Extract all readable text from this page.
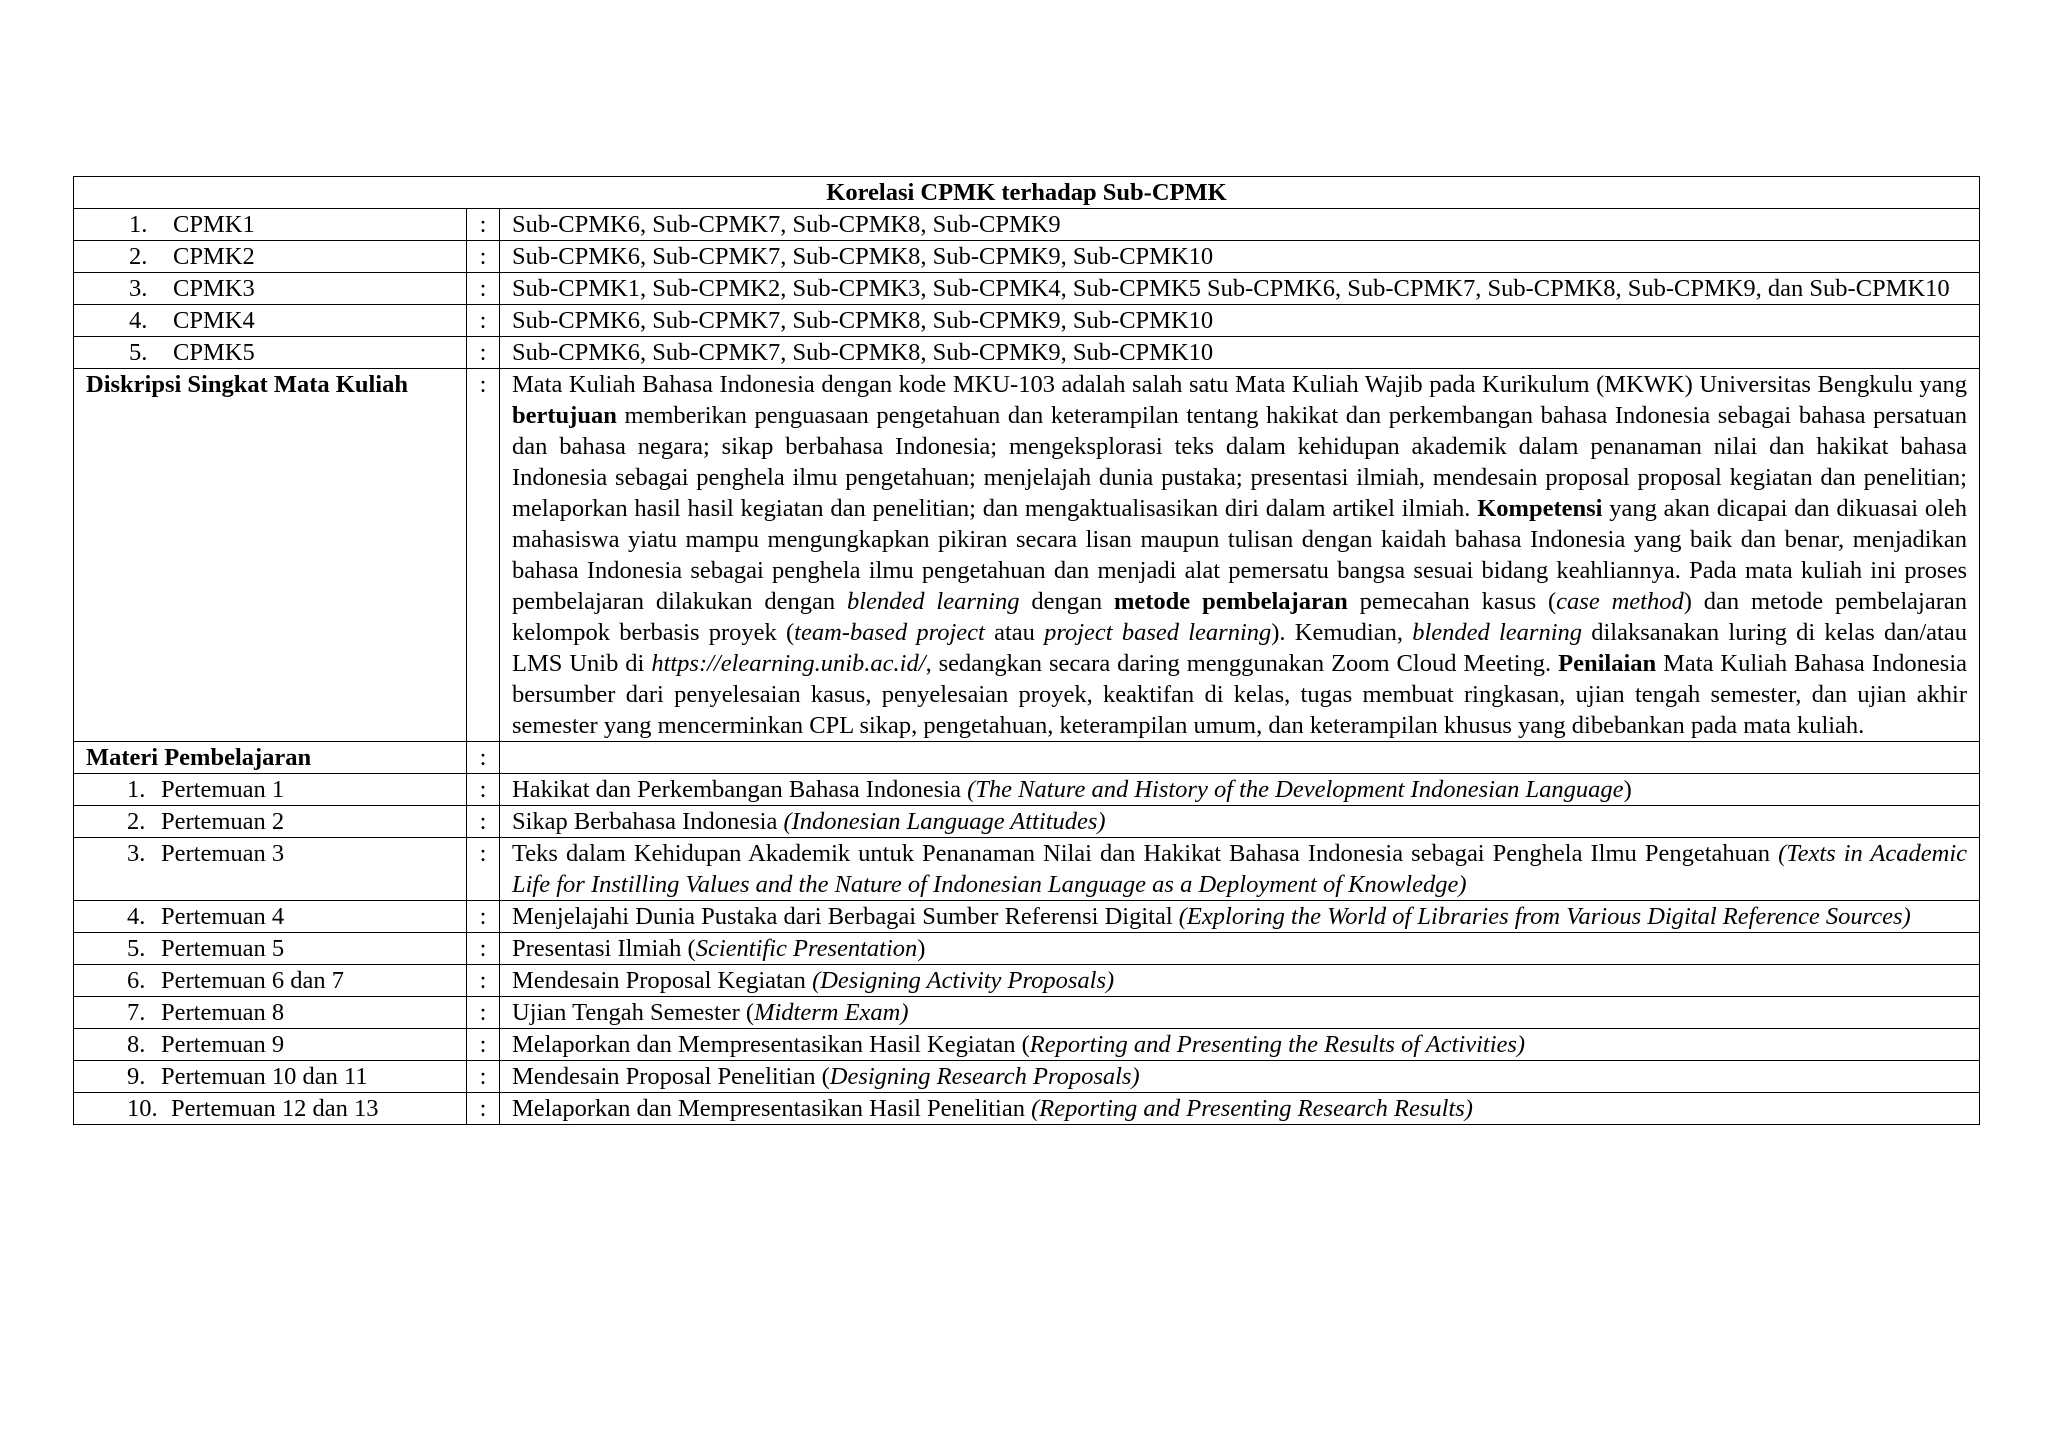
Korelasi CPMK terhadap Sub-CPMK		
1. CPMK1	:	Sub-CPMK6, Sub-CPMK7, Sub-CPMK8, Sub-CPMK9
2. CPMK2	:	Sub-CPMK6, Sub-CPMK7, Sub-CPMK8, Sub-CPMK9, Sub-CPMK10
3. CPMK3	:	Sub-CPMK1, Sub-CPMK2, Sub-CPMK3, Sub-CPMK4, Sub-CPMK5 Sub-CPMK6, Sub-CPMK7, Sub-CPMK8, Sub-CPMK9, dan Sub-CPMK10
4. CPMK4	:	Sub-CPMK6, Sub-CPMK7, Sub-CPMK8, Sub-CPMK9, Sub-CPMK10
5. CPMK5	:	Sub-CPMK6, Sub-CPMK7, Sub-CPMK8, Sub-CPMK9, Sub-CPMK10
Diskripsi Singkat Mata Kuliah	:	Mata Kuliah Bahasa Indonesia dengan kode MKU-103 adalah salah satu Mata Kuliah Wajib pada Kurikulum (MKWK) Universitas Bengkulu yang bertujuan memberikan penguasaan pengetahuan dan keterampilan tentang hakikat dan perkembangan bahasa Indonesia sebagai bahasa persatuan dan bahasa negara; sikap berbahasa Indonesia; mengeksplorasi teks dalam kehidupan akademik dalam penanaman nilai dan hakikat bahasa Indonesia sebagai penghela ilmu pengetahuan; menjelajah dunia pustaka; presentasi ilmiah, mendesain proposal proposal kegiatan dan penelitian; melaporkan hasil hasil kegiatan dan penelitian; dan mengaktualisasikan diri dalam artikel ilmiah. Kompetensi yang akan dicapai dan dikuasai oleh mahasiswa yiatu mampu mengungkapkan pikiran secara lisan maupun tulisan dengan kaidah bahasa Indonesia yang baik dan benar, menjadikan bahasa Indonesia sebagai penghela ilmu pengetahuan dan menjadi alat pemersatu bangsa sesuai bidang keahliannya. Pada mata kuliah ini proses pembelajaran dilakukan dengan blended learning dengan metode pembelajaran pemecahan kasus (case method) dan metode pembelajaran kelompok berbasis proyek (team-based project atau project based learning). Kemudian, blended learning dilaksanakan luring di kelas dan/atau LMS Unib di https://elearning.unib.ac.id/, sedangkan secara daring menggunakan Zoom Cloud Meeting. Penilaian Mata Kuliah Bahasa Indonesia bersumber dari penyelesaian kasus, penyelesaian proyek, keaktifan di kelas, tugas membuat ringkasan, ujian tengah semester, dan ujian akhir semester yang mencerminkan CPL sikap, pengetahuan, keterampilan umum, dan keterampilan khusus yang dibebankan pada mata kuliah.
Materi Pembelajaran	:	
1. Pertemuan 1	:	Hakikat dan Perkembangan Bahasa Indonesia (The Nature and History of the Development Indonesian Language)
2. Pertemuan 2	:	Sikap Berbahasa Indonesia (Indonesian Language Attitudes)
3. Pertemuan 3	:	Teks dalam Kehidupan Akademik untuk Penanaman Nilai dan Hakikat Bahasa Indonesia sebagai Penghela Ilmu Pengetahuan (Texts in Academic Life for Instilling Values and the Nature of Indonesian Language as a Deployment of Knowledge)
4. Pertemuan 4	:	Menjelajahi Dunia Pustaka dari Berbagai Sumber Referensi Digital (Exploring the World of Libraries from Various Digital Reference Sources)
5. Pertemuan 5	:	Presentasi Ilmiah (Scientific Presentation)
6. Pertemuan 6 dan 7	:	Mendesain Proposal Kegiatan (Designing Activity Proposals)
7. Pertemuan 8	:	Ujian Tengah Semester (Midterm Exam)
8. Pertemuan 9	:	Melaporkan dan Mempresentasikan Hasil Kegiatan (Reporting and Presenting the Results of Activities)
9. Pertemuan 10 dan 11	:	Mendesain Proposal Penelitian (Designing Research Proposals)
10. Pertemuan 12 dan 13	:	Melaporkan dan Mempresentasikan Hasil Penelitian (Reporting and Presenting Research Results)
